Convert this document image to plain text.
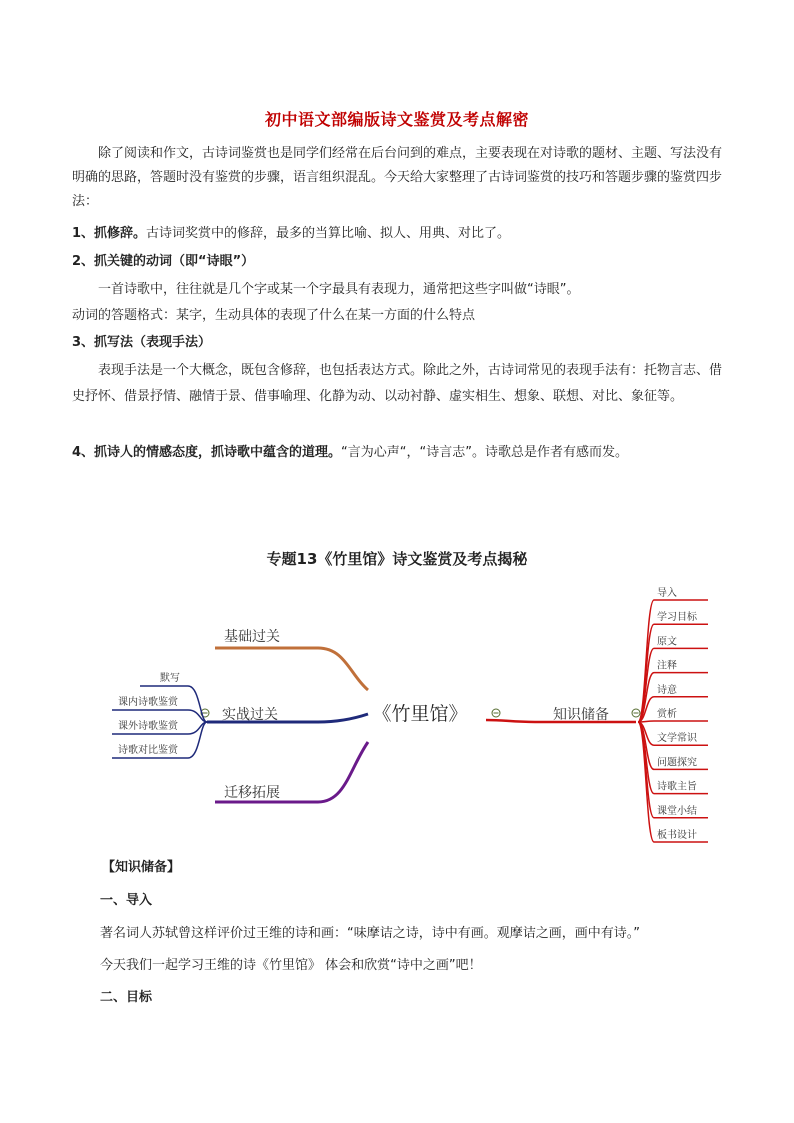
初中语文部编版诗文鉴赏及考点解密
除了阅读和作文，古诗词鉴赏也是同学们经常在后台问到的难点，主要表现在对诗歌的题材、主题、写法没有明确的思路，答题时没有鉴赏的步骤，语言组织混乱。今天给大家整理了古诗词鉴赏的技巧和答题步骤的鉴赏四步法：
1、抓修辞。古诗词奖赏中的修辞，最多的当算比喻、拟人、用典、对比了。
2、抓关键的动词（即“诗眼”）
一首诗歌中，往往就是几个字或某一个字最具有表现力，通常把这些字叫做“诗眼”。
动词的答题格式：某字，生动具体的表现了什么在某一方面的什么特点
3、抓写法（表现手法）
表现手法是一个大概念，既包含修辞，也包括表达方式。除此之外，古诗词常见的表现手法有：托物言志、借史抒怀、借景抒情、融情于景、借事喻理、化静为动、以动衬静、虚实相生、想象、联想、对比、象征等。
4、抓诗人的情感态度，抓诗歌中蕴含的道理。“言为心声“，“诗言志”。诗歌总是作者有感而发。
专题13《竹里馆》诗文鉴赏及考点揭秘
《竹里馆》
基础过关
实战过关
默写
课内诗歌鉴赏
课外诗歌鉴赏
诗歌对比鉴赏
迁移拓展
知识储备
导入
学习目标
原文
注释
诗意
赏析
文学常识
问题探究
诗歌主旨
课堂小结
板书设计
【知识储备】
一、导入
著名词人苏轼曾这样评价过王维的诗和画：“味摩诘之诗，诗中有画。观摩诘之画，画中有诗。”
今天我们一起学习王维的诗《竹里馆》 体会和欣赏“诗中之画”吧！
二、目标
